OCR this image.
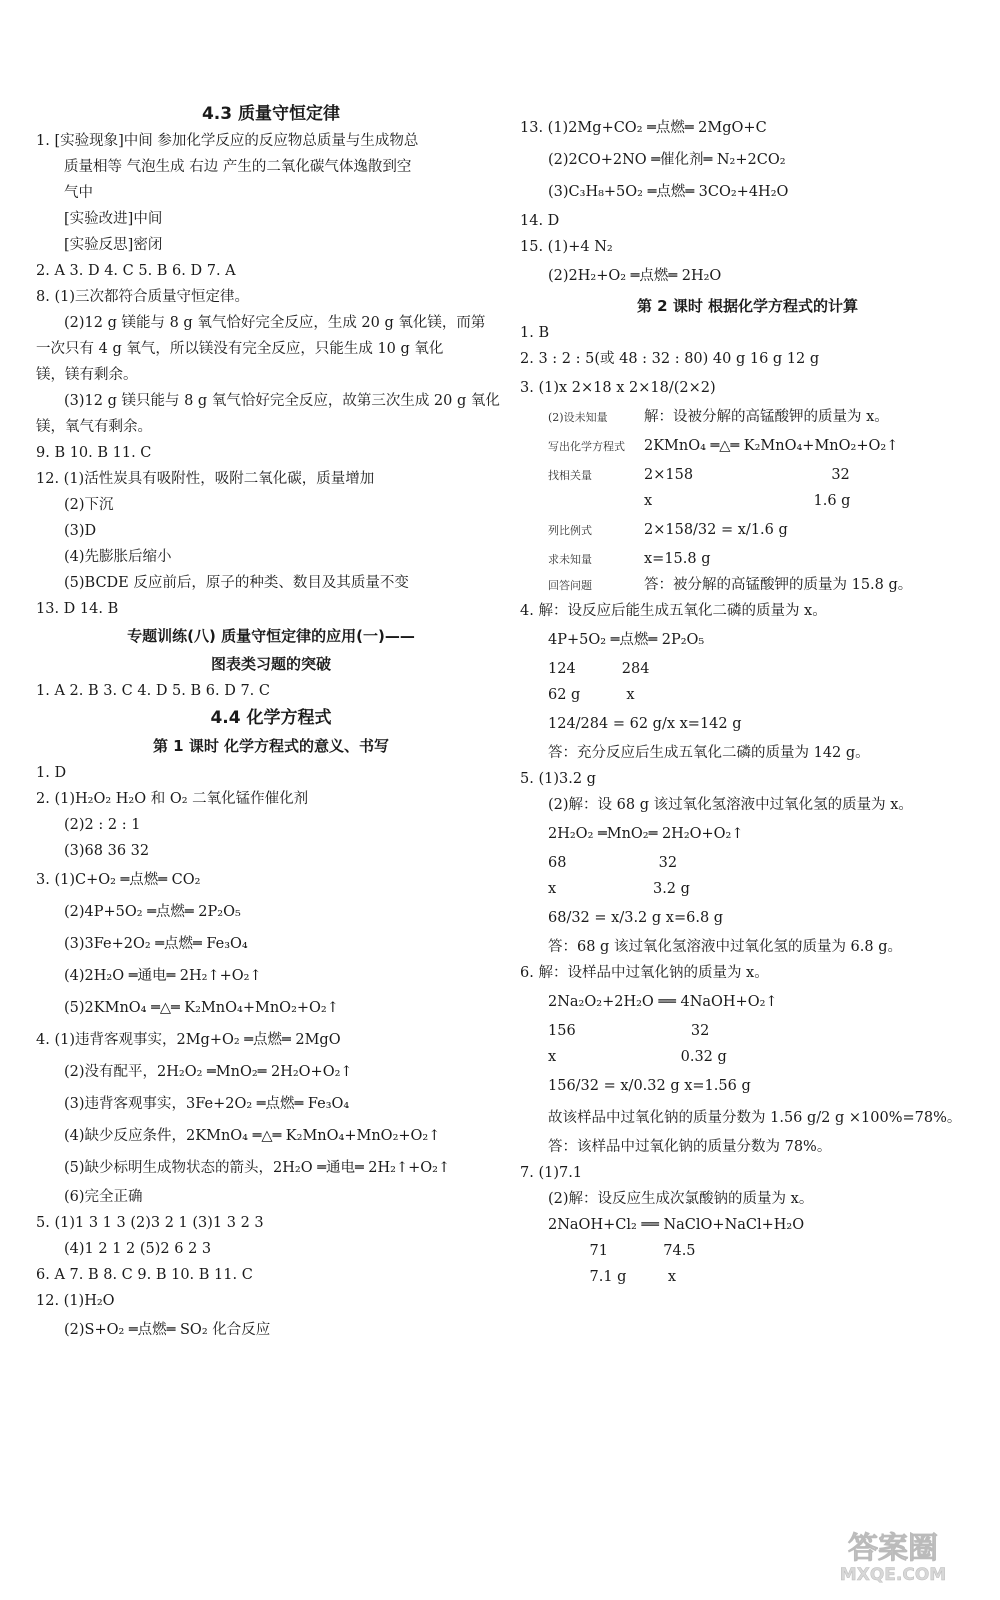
4.3 质量守恒定律
1. [实验现象]中间 参加化学反应的反应物总质量与生成物总
质量相等 气泡生成 右边 产生的二氧化碳气体逸散到空
气中
[实验改进]中间
[实验反思]密闭
2. A 3. D 4. C 5. B 6. D 7. A
8. (1)三次都符合质量守恒定律。
(2)12 g 镁能与 8 g 氧气恰好完全反应，生成 20 g 氧化镁，而第
一次只有 4 g 氧气，所以镁没有完全反应，只能生成 10 g 氧化
镁，镁有剩余。
(3)12 g 镁只能与 8 g 氧气恰好完全反应，故第三次生成 20 g 氧化
镁，氧气有剩余。
9. B 10. B 11. C
12. (1)活性炭具有吸附性，吸附二氧化碳，质量增加
(2)下沉
(3)D
(4)先膨胀后缩小
(5)BCDE 反应前后，原子的种类、数目及其质量不变
13. D 14. B
专题训练(八) 质量守恒定律的应用(一)——
图表类习题的突破
1. A 2. B 3. C 4. D 5. B 6. D 7. C
4.4 化学方程式
第 1 课时 化学方程式的意义、书写
1. D
2. (1)H₂O₂ H₂O 和 O₂ 二氧化锰作催化剂
(2)2 : 2 : 1
(3)68 36 32
3. (1)C+O₂ ═点燃═ CO₂
(2)4P+5O₂ ═点燃═ 2P₂O₅
(3)3Fe+2O₂ ═点燃═ Fe₃O₄
(4)2H₂O ═通电═ 2H₂↑+O₂↑
(5)2KMnO₄ ═△═ K₂MnO₄+MnO₂+O₂↑
4. (1)违背客观事实，2Mg+O₂ ═点燃═ 2MgO
(2)没有配平，2H₂O₂ ═MnO₂═ 2H₂O+O₂↑
(3)违背客观事实，3Fe+2O₂ ═点燃═ Fe₃O₄
(4)缺少反应条件，2KMnO₄ ═△═ K₂MnO₄+MnO₂+O₂↑
(5)缺少标明生成物状态的箭头，2H₂O ═通电═ 2H₂↑+O₂↑
(6)完全正确
5. (1)1 3 1 3 (2)3 2 1 (3)1 3 2 3
(4)1 2 1 2 (5)2 6 2 3
6. A 7. B 8. C 9. B 10. B 11. C
12. (1)H₂O
(2)S+O₂ ═点燃═ SO₂ 化合反应
13. (1)2Mg+CO₂ ═点燃═ 2MgO+C
(2)2CO+2NO ═催化剂═ N₂+2CO₂
(3)C₃H₈+5O₂ ═点燃═ 3CO₂+4H₂O
14. D
15. (1)+4 N₂
(2)2H₂+O₂ ═点燃═ 2H₂O
第 2 课时 根据化学方程式的计算
1. B
2. 3 : 2 : 5(或 48 : 32 : 80) 40 g 16 g 12 g
3. (1)x 2×18 x 2×18/(2×2)
(2)设未知量	解：设被分解的高锰酸钾的质量为 x。
写出化学方程式 2KMnO₄ ═△═ K₂MnO₄+MnO₂+O₂↑
找相关量	2×158                              32
x                                   1.6 g
列比例式	2×158/32 = x/1.6 g
求未知量	x=15.8 g
回答问题	答：被分解的高锰酸钾的质量为 15.8 g。
4. 解：设反应后能生成五氧化二磷的质量为 x。
4P+5O₂ ═点燃═ 2P₂O₅
124          284
62 g          x
124/284 = 62 g/x x=142 g
答：充分反应后生成五氧化二磷的质量为 142 g。
5. (1)3.2 g
(2)解：设 68 g 该过氧化氢溶液中过氧化氢的质量为 x。
2H₂O₂ ═MnO₂═ 2H₂O+O₂↑
68                    32
x                     3.2 g
68/32 = x/3.2 g x=6.8 g
答：68 g 该过氧化氢溶液中过氧化氢的质量为 6.8 g。
6. 解：设样品中过氧化钠的质量为 x。
2Na₂O₂+2H₂O ══ 4NaOH+O₂↑
156                         32
x                           0.32 g
156/32 = x/0.32 g x=1.56 g
故该样品中过氧化钠的质量分数为 1.56 g/2 g ×100%=78%。
答：该样品中过氧化钠的质量分数为 78%。
7. (1)7.1
(2)解：设反应生成次氯酸钠的质量为 x。
2NaOH+Cl₂ ══ NaClO+NaCl+H₂O
71            74.5
7.1 g         x
答案圈
MXQE.COM
